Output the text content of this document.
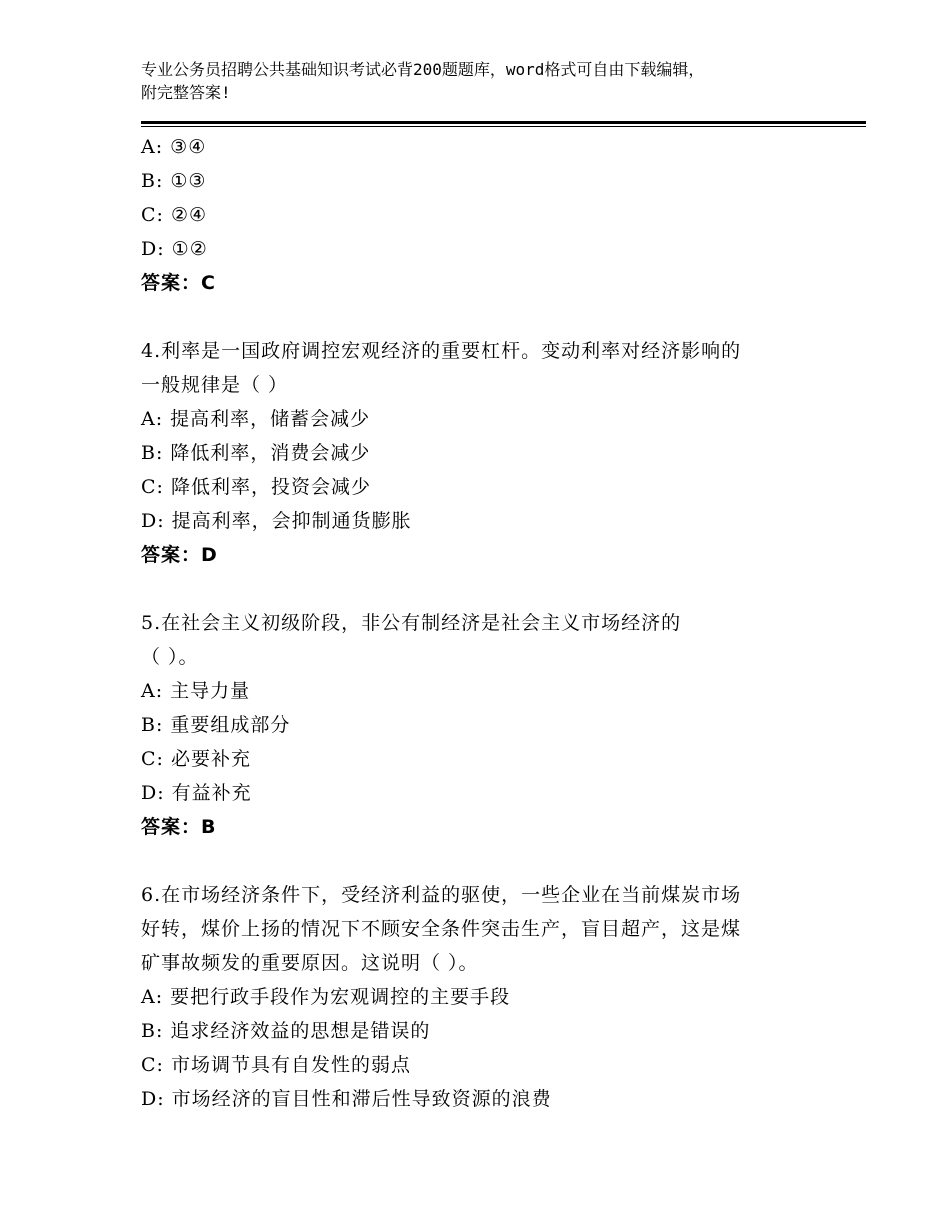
专业公务员招聘公共基础知识考试必背200题题库，word格式可自由下载编辑，
附完整答案!

A: ③④

B: ①③

C: ②④

D: ①②

答案：C

4.利率是一国政府调控宏观经济的重要杠杆。变动利率对经济影响的

一般规律是（ ）

A: 提高利率，储蓄会减少

B: 降低利率，消费会减少

C: 降低利率，投资会减少

D: 提高利率，会抑制通货膨胀

答案：D

5.在社会主义初级阶段，非公有制经济是社会主义市场经济的

（ ）。

A: 主导力量

B: 重要组成部分

C: 必要补充

D: 有益补充

答案：B

6.在市场经济条件下，受经济利益的驱使，一些企业在当前煤炭市场

好转，煤价上扬的情况下不顾安全条件突击生产，盲目超产，这是煤

矿事故频发的重要原因。这说明（ ）。

A: 要把行政手段作为宏观调控的主要手段

B: 追求经济效益的思想是错误的

C: 市场调节具有自发性的弱点

D: 市场经济的盲目性和滞后性导致资源的浪费
